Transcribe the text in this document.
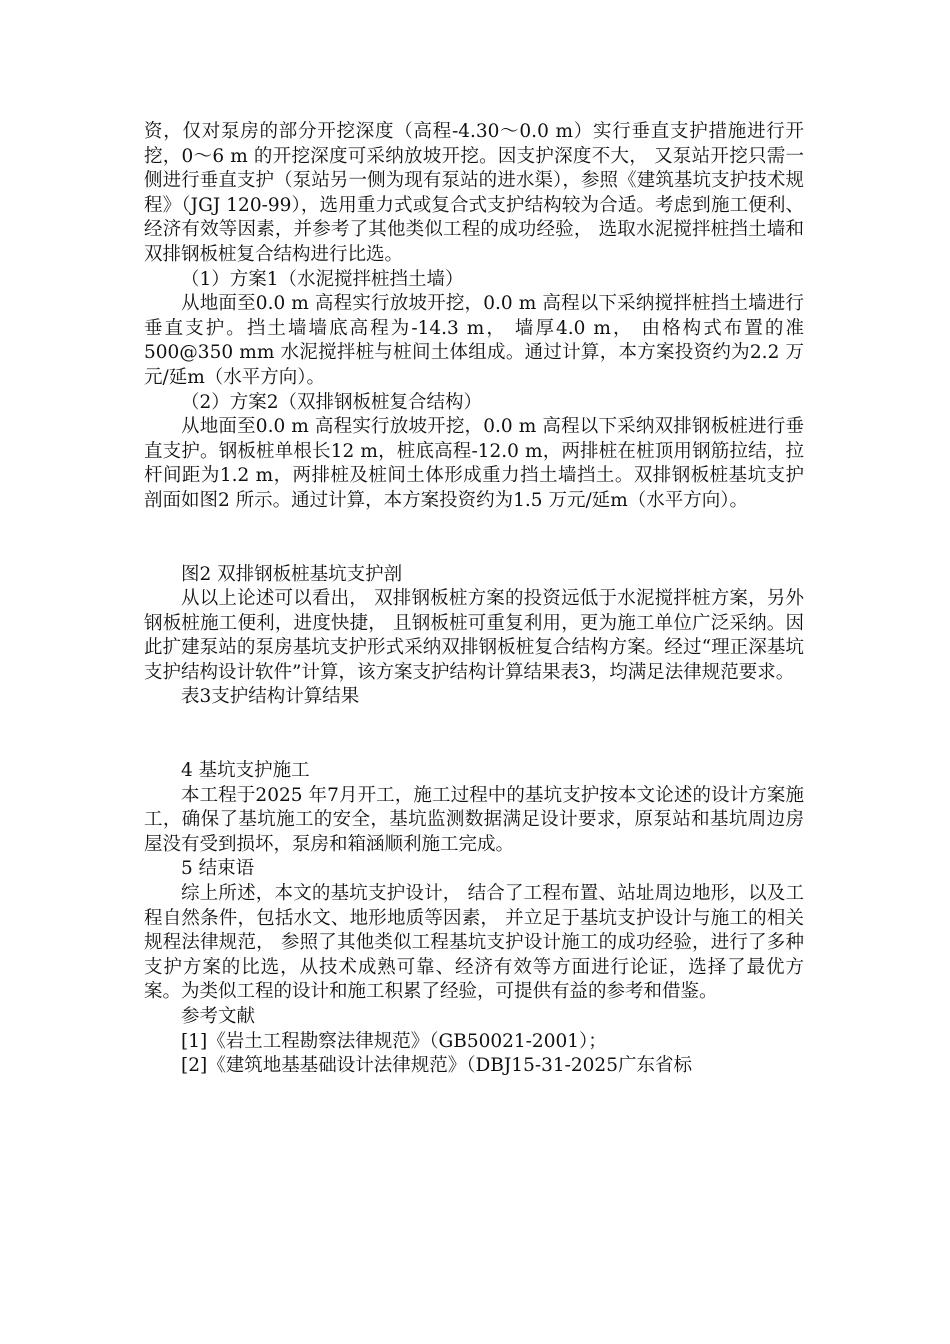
资，仅对泵房的部分开挖深度（高程-4.30～0.0 m）实行垂直支护措施进行开挖，0～6 m 的开挖深度可采纳放坡开挖。因支护深度不大， 又泵站开挖只需一侧进行垂直支护（泵站另一侧为现有泵站的进水渠），参照《建筑基坑支护技术规程》（JGJ 120-99），选用重力式或复合式支护结构较为合适。考虑到施工便利、经济有效等因素，并参考了其他类似工程的成功经验， 选取水泥搅拌桩挡土墙和双排钢板桩复合结构进行比选。

（1）方案1（水泥搅拌桩挡土墙）

从地面至0.0 m 高程实行放坡开挖，0.0 m 高程以下采纳搅拌桩挡土墙进行垂直支护。挡土墙墙底高程为-14.3 m， 墙厚4.0 m， 由格构式布置的准500@350 mm 水泥搅拌桩与桩间土体组成。通过计算，本方案投资约为2.2 万元/延m（水平方向）。

（2）方案2（双排钢板桩复合结构）

从地面至0.0 m 高程实行放坡开挖，0.0 m 高程以下采纳双排钢板桩进行垂直支护。钢板桩单根长12 m，桩底高程-12.0 m，两排桩在桩顶用钢筋拉结，拉杆间距为1.2 m，两排桩及桩间土体形成重力挡土墙挡土。双排钢板桩基坑支护剖面如图2 所示。通过计算，本方案投资约为1.5 万元/延m（水平方向）。

图2 双排钢板桩基坑支护剖

从以上论述可以看出， 双排钢板桩方案的投资远低于水泥搅拌桩方案，另外钢板桩施工便利，进度快捷， 且钢板桩可重复利用，更为施工单位广泛采纳。因此扩建泵站的泵房基坑支护形式采纳双排钢板桩复合结构方案。经过“理正深基坑支护结构设计软件”计算，该方案支护结构计算结果表3，均满足法律规范要求。

表3支护结构计算结果

4 基坑支护施工

本工程于2025 年7月开工，施工过程中的基坑支护按本文论述的设计方案施工，确保了基坑施工的安全，基坑监测数据满足设计要求，原泵站和基坑周边房屋没有受到损坏，泵房和箱涵顺利施工完成。

5 结束语

综上所述，本文的基坑支护设计， 结合了工程布置、站址周边地形，以及工程自然条件，包括水文、地形地质等因素， 并立足于基坑支护设计与施工的相关规程法律规范， 参照了其他类似工程基坑支护设计施工的成功经验，进行了多种支护方案的比选，从技术成熟可靠、经济有效等方面进行论证，选择了最优方案。为类似工程的设计和施工积累了经验，可提供有益的参考和借鉴。

参考文献

[1]《岩土工程勘察法律规范》（GB50021-2001）；

[2]《建筑地基基础设计法律规范》（DBJ15-31-2025广东省标
